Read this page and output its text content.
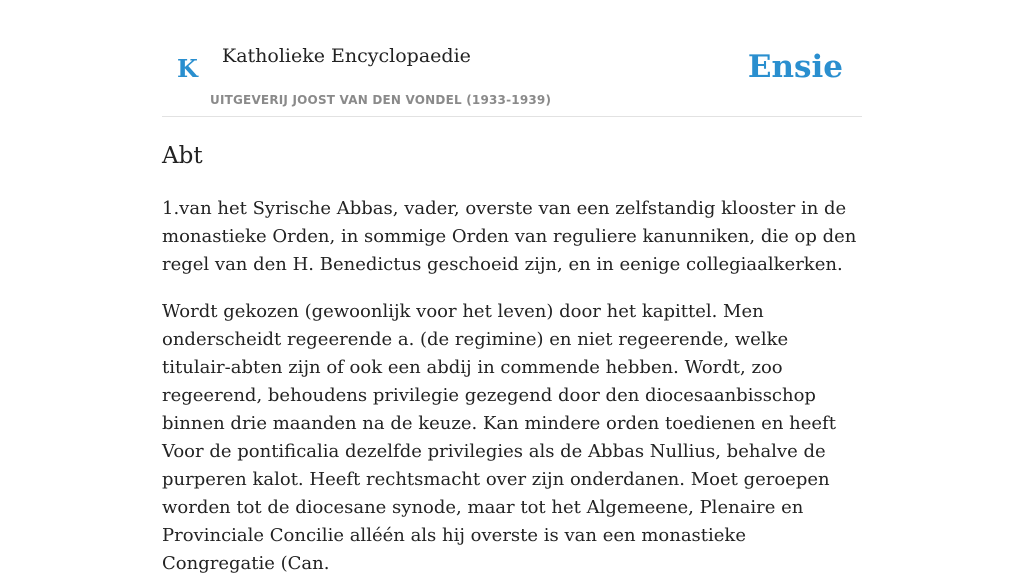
K Katholieke Encyclopaedie
UITGEVERIJ JOOST VAN DEN VONDEL (1933-1939)
Ensie
Abt

1.van het Syrische Abbas, vader, overste van een zelfstandig klooster in de monastieke Orden, in sommige Orden van reguliere kanunniken, die op den regel van den H. Benedictus geschoeid zijn, en in eenige collegiaalkerken.

Wordt gekozen (gewoonlijk voor het leven) door het kapittel. Men onderscheidt regeerende a. (de regimine) en niet regeerende, welke titulair-abten zijn of ook een abdij in commende hebben. Wordt, zoo regeerend, behoudens privilegie gezegend door den diocesaanbisschop binnen drie maanden na de keuze. Kan mindere orden toedienen en heeft Voor de pontificalia dezelfde privilegies als de Abbas Nullius, behalve de purperen kalot. Heeft rechtsmacht over zijn onderdanen. Moet geroepen worden tot de diocesane synode, maar tot het Algemeene, Plenaire en Provinciale Concilie alléén als hij overste is van een monastieke Congregatie (Can.
